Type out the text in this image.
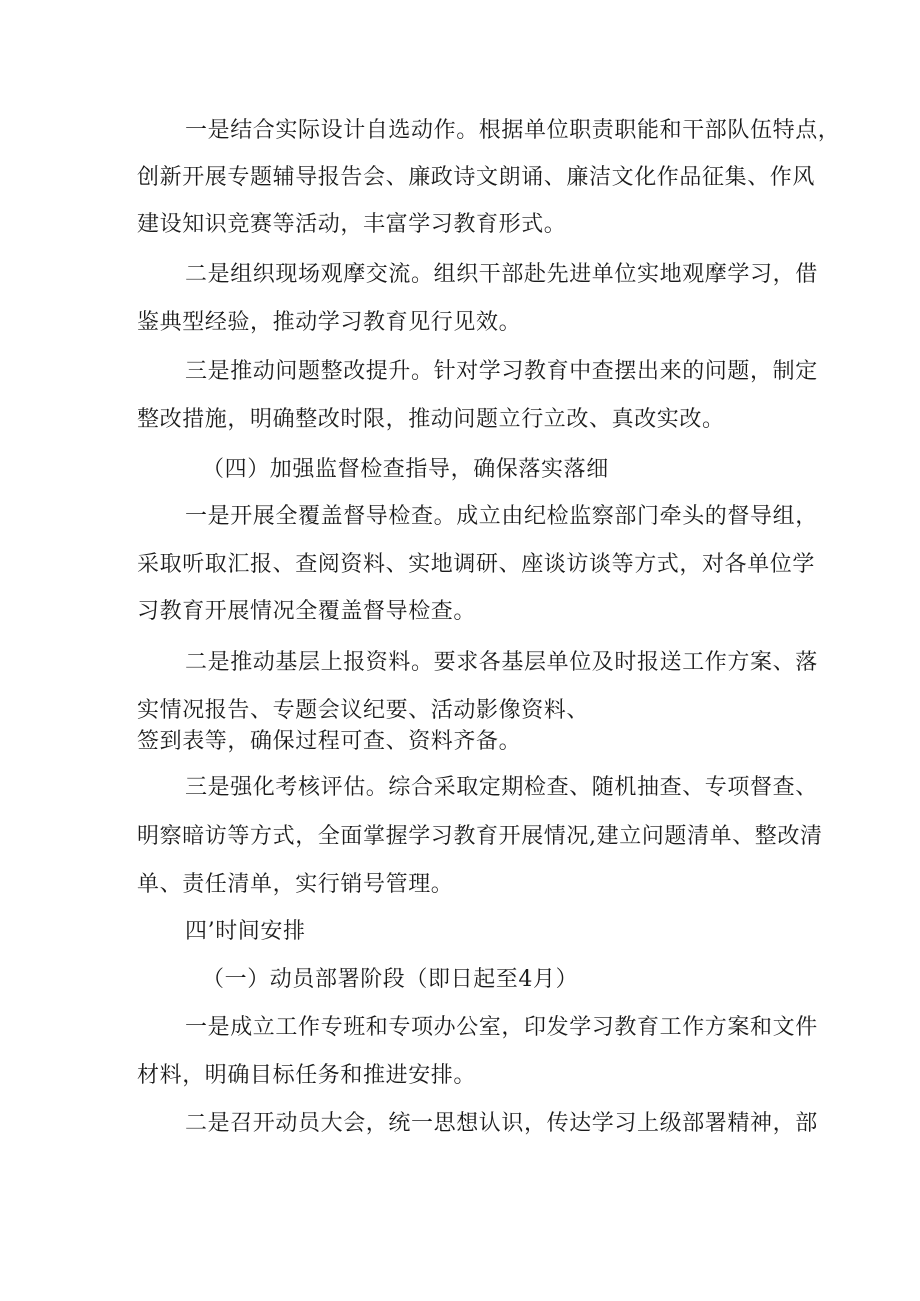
一是结合实际设计自选动作。根据单位职责职能和干部队伍特点，
创新开展专题辅导报告会、廉政诗文朗诵、廉洁文化作品征集、作风
建设知识竞赛等活动，丰富学习教育形式。
二是组织现场观摩交流。组织干部赴先进单位实地观摩学习，借
鉴典型经验，推动学习教育见行见效。
三是推动问题整改提升。针对学习教育中查摆出来的问题，制定
整改措施，明确整改时限，推动问题立行立改、真改实改。
（四）加强监督检查指导，确保落实落细
一是开展全覆盖督导检查。成立由纪检监察部门牵头的督导组，
采取听取汇报、查阅资料、实地调研、座谈访谈等方式，对各单位学
习教育开展情况全覆盖督导检查。
二是推动基层上报资料。要求各基层单位及时报送工作方案、落
实情况报告、专题会议纪要、活动影像资料、
签到表等，确保过程可查、资料齐备。
三是强化考核评估。综合采取定期检查、随机抽查、专项督查、
明察暗访等方式，全面掌握学习教育开展情况,建立问题清单、整改清
单、责任清单，实行销号管理。
四’时间安排
（一）动员部署阶段（即日起至4月）
一是成立工作专班和专项办公室，印发学习教育工作方案和文件
材料，明确目标任务和推进安排。
二是召开动员大会，统一思想认识，传达学习上级部署精神，部
